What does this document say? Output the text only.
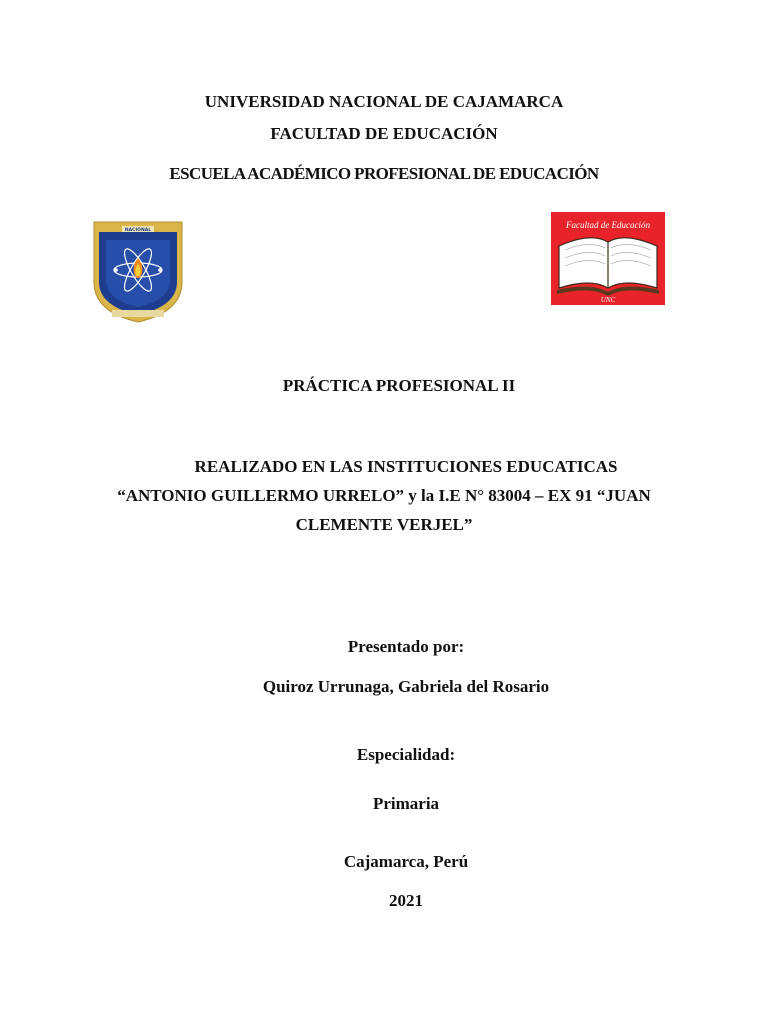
UNIVERSIDAD NACIONAL DE CAJAMARCA
FACULTAD DE EDUCACIÓN
ESCUELA ACADÉMICO PROFESIONAL DE EDUCACIÓN
NACIONAL
Facultad de Educación
UNC
PRÁCTICA PROFESIONAL II
REALIZADO EN LAS INSTITUCIONES EDUCATICAS
“ANTONIO GUILLERMO URRELO” y la I.E N° 83004 – EX 91 “JUAN
CLEMENTE VERJEL”
Presentado por:
Quiroz Urrunaga, Gabriela del Rosario
Especialidad:
Primaria
Cajamarca, Perú
2021
